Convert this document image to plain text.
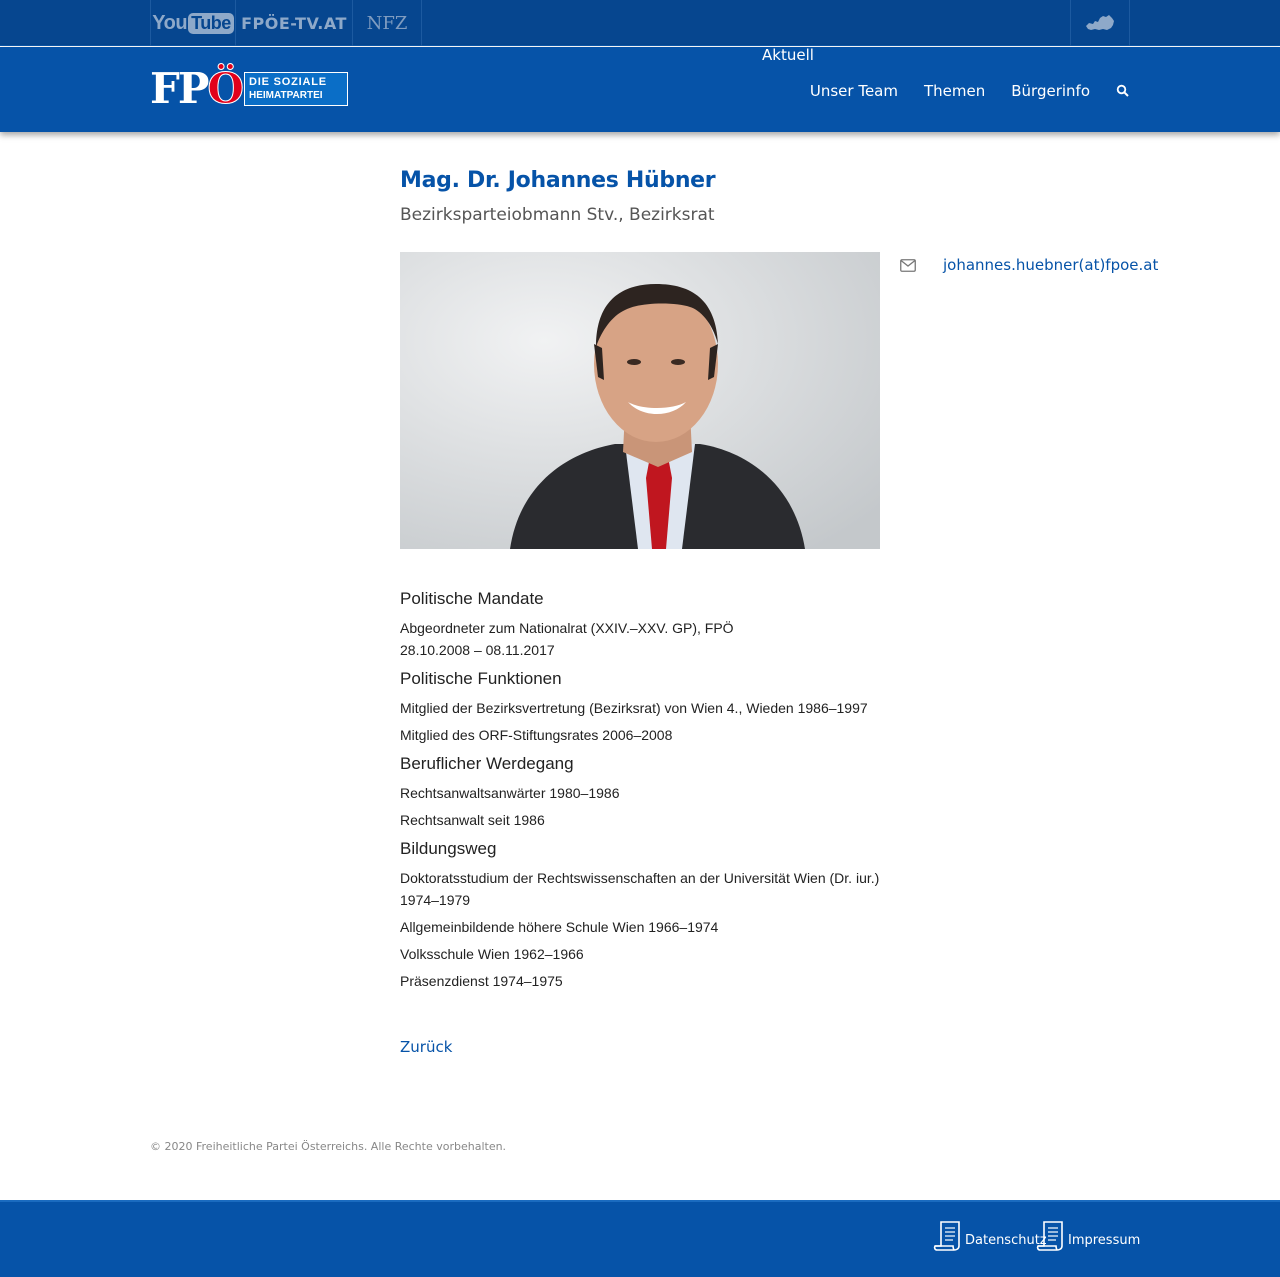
You Tube FPÖE-TV.AT NFZ
FPÖ DIE SOZIALE
HEIMATPARTEI
Aktuell
Unser Team Themen Bürgerinfo
Mag. Dr. Johannes Hübner
Bezirksparteiobmann Stv., Bezirksrat
johannes.huebner(at)fpoe.at
Politische Mandate

Abgeordneter zum Nationalrat (XXIV.–XXV. GP), FPÖ
28.10.2008 – 08.11.2017

Politische Funktionen

Mitglied der Bezirksvertretung (Bezirksrat) von Wien 4., Wieden 1986–1997

Mitglied des ORF-Stiftungsrates 2006–2008

Beruflicher Werdegang

Rechtsanwaltsanwärter 1980–1986

Rechtsanwalt seit 1986

Bildungsweg

Doktoratsstudium der Rechtswissenschaften an der Universität Wien (Dr. iur.) 1974–1979

Allgemeinbildende höhere Schule Wien 1966–1974

Volksschule Wien 1962–1966

Präsenzdienst 1974–1975

Zurück
© 2020 Freiheitliche Partei Österreichs. Alle Rechte vorbehalten.
Datenschutz Impressum
